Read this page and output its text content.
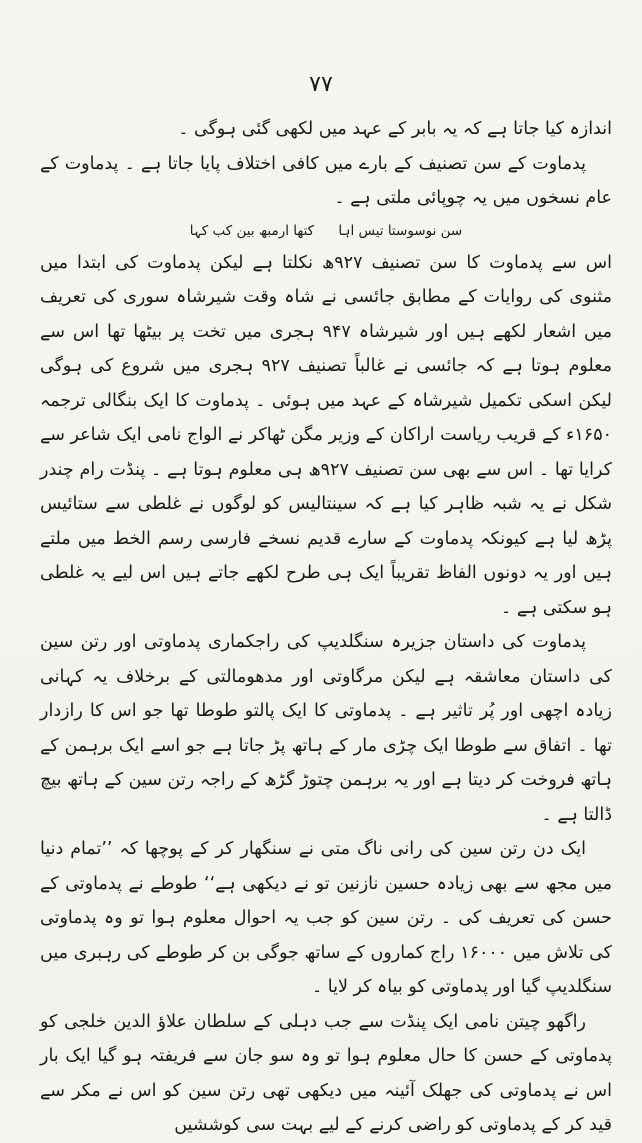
۷۷

اندازہ کیا جاتا ہے کہ یہ بابر کے عہد میں لکھی گئی ہوگی ۔

پدماوت کے سن تصنیف کے بارے میں کافی اختلاف پایا جاتا ہے ۔ پدماوت کے عام نسخوں میں یہ چوپائی ملتی ہے ۔

سن نوسوستا تیس اہا کتھا ارمبھ بین کب کہا

اس سے پدماوت کا سن تصنیف ۹۲۷ھ نکلتا ہے لیکن پدماوت کی ابتدا میں مثنوی کی روایات کے مطابق جائسی نے شاہ وقت شیرشاہ سوری کی تعریف میں اشعار لکھے ہیں اور شیرشاہ ۹۴۷ ہجری میں تخت پر بیٹھا تھا اس سے معلوم ہوتا ہے کہ جائسی نے غالباً تصنیف ۹۲۷ ہجری میں شروع کی ہوگی لیکن اسکی تکمیل شیرشاہ کے عہد میں ہوئی ۔ پدماوت کا ایک بنگالی ترجمہ ۱۶۵۰ء کے قریب ریاست اراکان کے وزیر مگن ٹھاکر نے الواج نامی ایک شاعر سے کرایا تھا ۔ اس سے بھی سن تصنیف ۹۲۷ھ ہی معلوم ہوتا ہے ۔ پنڈت رام چندر شکل نے یہ شبہ ظاہر کیا ہے کہ سینتالیس کو لوگوں نے غلطی سے ستائیس پڑھ لیا ہے کیونکہ پدماوت کے سارے قدیم نسخے فارسی رسم الخط میں ملتے ہیں اور یہ دونوں الفاظ تقریباً ایک ہی طرح لکھے جاتے ہیں اس لیے یہ غلطی ہو سکتی ہے ۔

پدماوت کی داستان جزیرہ سنگلدیپ کی راجکماری پدماوتی اور رتن سین کی داستان معاشقہ ہے لیکن مرگاوتی اور مدھومالتی کے برخلاف یہ کہانی زیادہ اچھی اور پُر تاثیر ہے ۔ پدماوتی کا ایک پالتو طوطا تھا جو اس کا رازدار تھا ۔ اتفاق سے طوطا ایک چڑی مار کے ہاتھ پڑ جاتا ہے جو اسے ایک برہمن کے ہاتھ فروخت کر دیتا ہے اور یہ برہمن چتوڑ گڑھ کے راجہ رتن سین کے ہاتھ بیچ ڈالتا ہے ۔

ایک دن رتن سین کی رانی ناگ متی نے سنگھار کر کے پوچھا کہ ’’تمام دنیا میں مجھ سے بھی زیادہ حسین نازنین تو نے دیکھی ہے‘‘ طوطے نے پدماوتی کے حسن کی تعریف کی ۔ رتن سین کو جب یہ احوال معلوم ہوا تو وہ پدماوتی کی تلاش میں ۱۶۰۰۰ راج کماروں کے ساتھ جوگی بن کر طوطے کی رہبری میں سنگلدیپ گیا اور پدماوتی کو بیاہ کر لایا ۔

راگھو چیتن نامی ایک پنڈت سے جب دہلی کے سلطان علاؤ الدین خلجی کو پدماوتی کے حسن کا حال معلوم ہوا تو وہ سو جان سے فریفتہ ہو گیا ایک بار اس نے پدماوتی کی جھلک آئینہ میں دیکھی تھی رتن سین کو اس نے مکر سے قید کر کے پدماوتی کو راضی کرنے کے لیے بہت سی کوششیں
